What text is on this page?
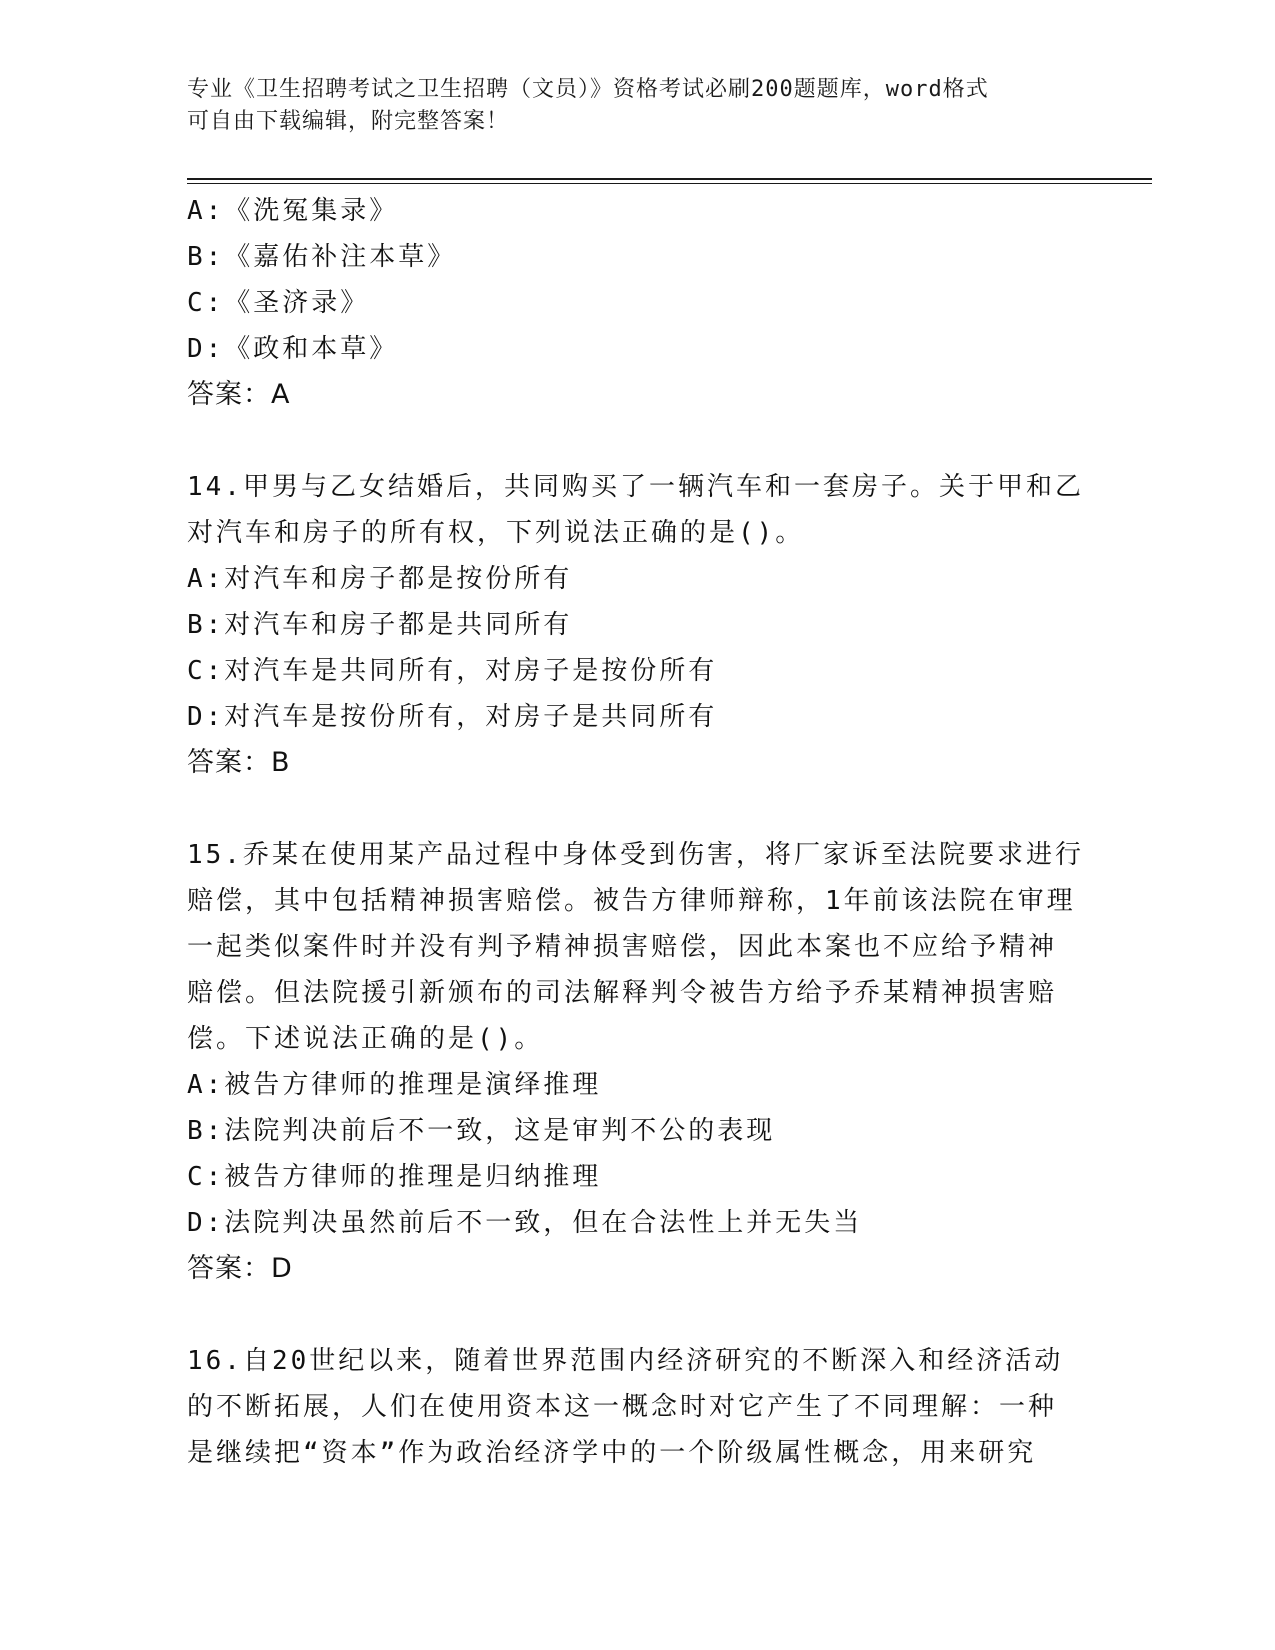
专业《卫生招聘考试之卫生招聘（文员）》资格考试必刷200题题库，word格式
可自由下载编辑，附完整答案！

A:《洗冤集录》

B:《嘉佑补注本草》

C:《圣济录》

D:《政和本草》

答案：A

14.甲男与乙女结婚后，共同购买了一辆汽车和一套房子。关于甲和乙

对汽车和房子的所有权，下列说法正确的是()。

A:对汽车和房子都是按份所有

B:对汽车和房子都是共同所有

C:对汽车是共同所有，对房子是按份所有

D:对汽车是按份所有，对房子是共同所有

答案：B

15.乔某在使用某产品过程中身体受到伤害，将厂家诉至法院要求进行

赔偿，其中包括精神损害赔偿。被告方律师辩称，1年前该法院在审理

一起类似案件时并没有判予精神损害赔偿，因此本案也不应给予精神

赔偿。但法院援引新颁布的司法解释判令被告方给予乔某精神损害赔

偿。下述说法正确的是()。

A:被告方律师的推理是演绎推理

B:法院判决前后不一致，这是审判不公的表现

C:被告方律师的推理是归纳推理

D:法院判决虽然前后不一致，但在合法性上并无失当

答案：D

16.自20世纪以来，随着世界范围内经济研究的不断深入和经济活动

的不断拓展，人们在使用资本这一概念时对它产生了不同理解：一种

是继续把“资本”作为政治经济学中的一个阶级属性概念，用来研究
